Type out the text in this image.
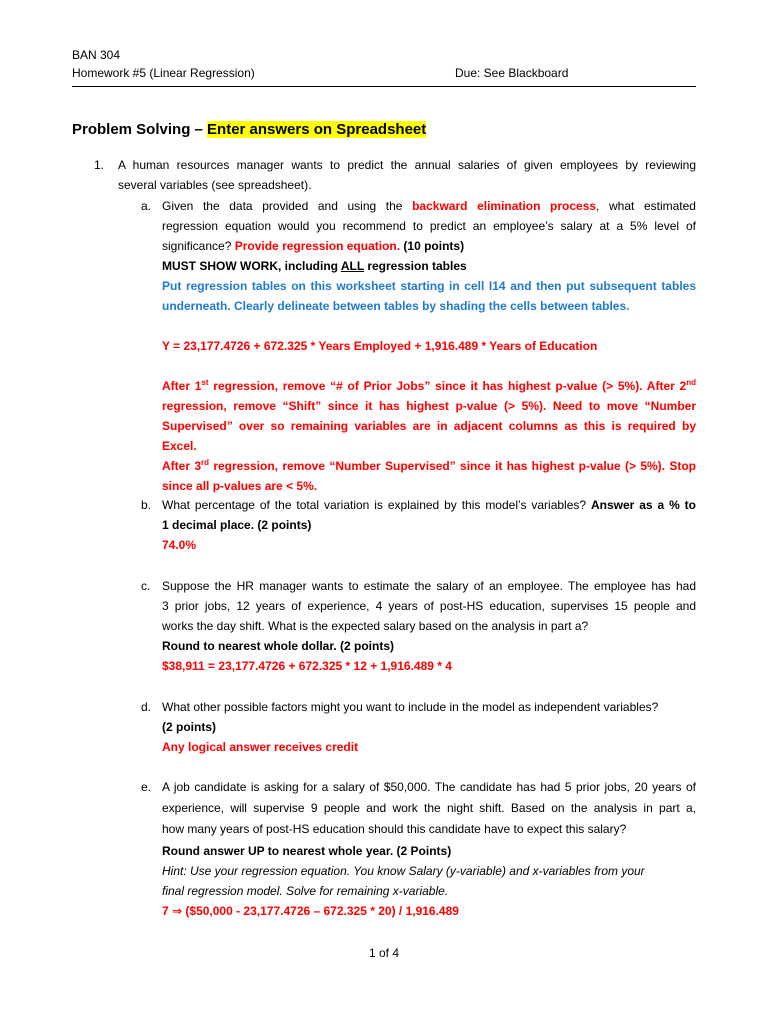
BAN 304
Homework #5 (Linear Regression)	Due: See Blackboard
Problem Solving – Enter answers on Spreadsheet
1. A human resources manager wants to predict the annual salaries of given employees by reviewing
several variables (see spreadsheet).
a. Given the data provided and using the backward elimination process, what estimated
regression equation would you recommend to predict an employee’s salary at a 5% level of
significance? Provide regression equation. (10 points)
MUST SHOW WORK, including ALL regression tables
Put regression tables on this worksheet starting in cell I14 and then put subsequent tables
underneath. Clearly delineate between tables by shading the cells between tables.
Y = 23,177.4726 + 672.325 * Years Employed + 1,916.489 * Years of Education
After 1st regression, remove “# of Prior Jobs” since it has highest p-value (> 5%). After 2nd
regression, remove “Shift” since it has highest p-value (> 5%). Need to move “Number
Supervised” over so remaining variables are in adjacent columns as this is required by Excel.
After 3rd regression, remove “Number Supervised” since it has highest p-value (> 5%). Stop
since all p-values are < 5%.
b. What percentage of the total variation is explained by this model’s variables? Answer as a % to
1 decimal place. (2 points)
74.0%
c. Suppose the HR manager wants to estimate the salary of an employee. The employee has had
3 prior jobs, 12 years of experience, 4 years of post-HS education, supervises 15 people and
works the day shift. What is the expected salary based on the analysis in part a?
Round to nearest whole dollar. (2 points)
$38,911 = 23,177.4726 + 672.325 * 12 + 1,916.489 * 4
d. What other possible factors might you want to include in the model as independent variables?
(2 points)
Any logical answer receives credit
e. A job candidate is asking for a salary of $50,000. The candidate has had 5 prior jobs, 20 years of
experience, will supervise 9 people and work the night shift. Based on the analysis in part a,
how many years of post-HS education should this candidate have to expect this salary?
Round answer UP to nearest whole year. (2 Points)
Hint: Use your regression equation. You know Salary (y-variable) and x-variables from your
final regression model. Solve for remaining x-variable.
7 ⇒ ($50,000 - 23,177.4726 – 672.325 * 20) / 1,916.489
1 of 4
